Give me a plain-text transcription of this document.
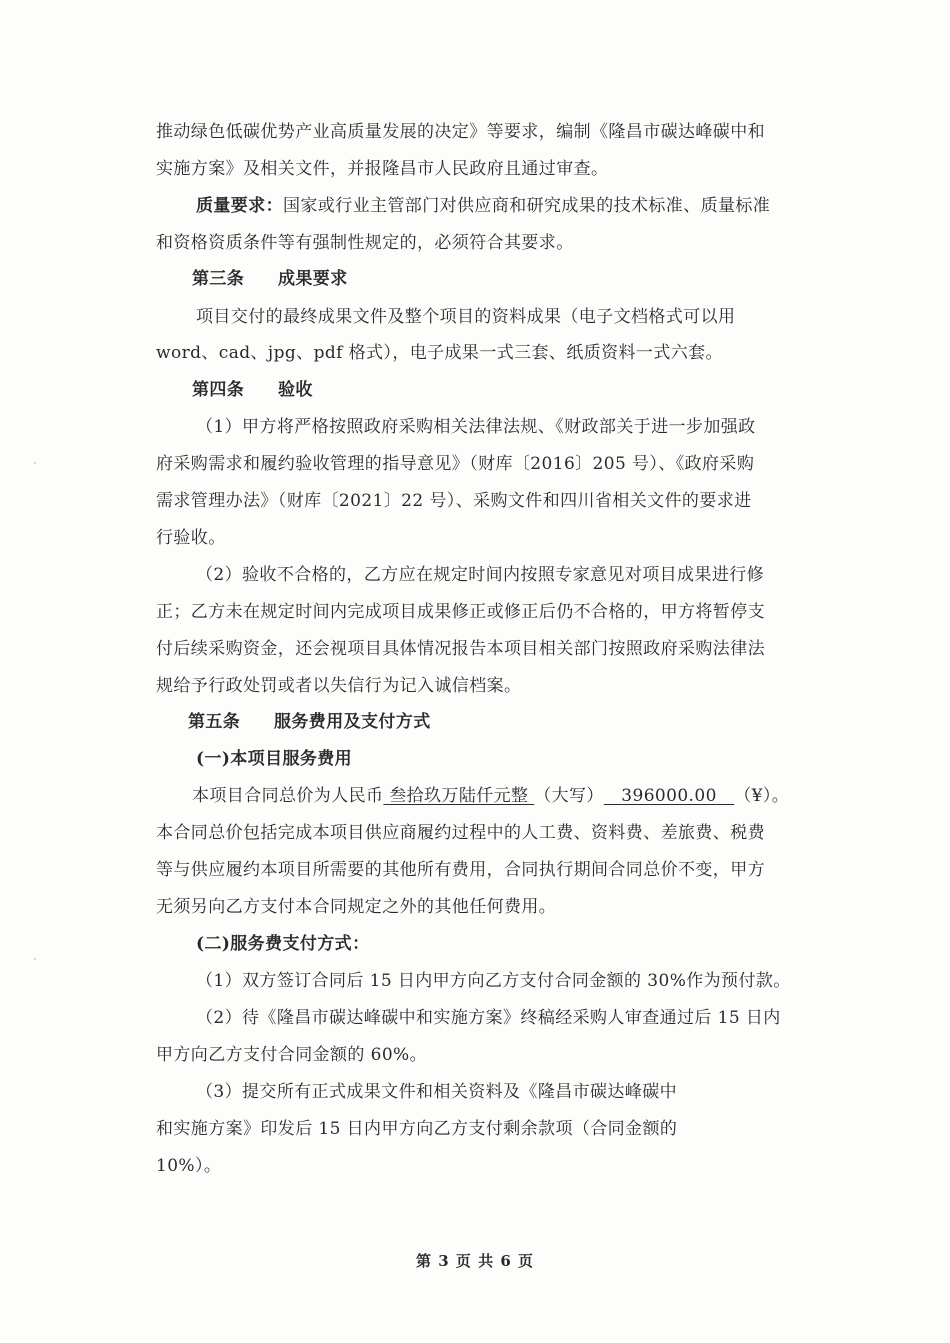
推动绿色低碳优势产业高质量发展的决定》等要求，编制《隆昌市碳达峰碳中和
实施方案》及相关文件，并报隆昌市人民政府且通过审查。
质量要求：国家或行业主管部门对供应商和研究成果的技术标准、质量标准
和资格资质条件等有强制性规定的，必须符合其要求。
第三条 成果要求
项目交付的最终成果文件及整个项目的资料成果（电子文档格式可以用
word、cad、jpg、pdf 格式），电子成果一式三套、纸质资料一式六套。
第四条 验收
（1）甲方将严格按照政府采购相关法律法规、《财政部关于进一步加强政
府采购需求和履约验收管理的指导意见》（财库〔2016〕205 号）、《政府采购
需求管理办法》（财库〔2021〕22 号）、采购文件和四川省相关文件的要求进
行验收。
（2）验收不合格的，乙方应在规定时间内按照专家意见对项目成果进行修
正；乙方未在规定时间内完成项目成果修正或修正后仍不合格的，甲方将暂停支
付后续采购资金，还会视项目具体情况报告本项目相关部门按照政府采购法律法
规给予行政处罚或者以失信行为记入诚信档案。
第五条 服务费用及支付方式
(一)本项目服务费用
本项目合同总价为人民币 叁拾玖万陆仟元整 （大写） 396000.00 （¥）。
本合同总价包括完成本项目供应商履约过程中的人工费、资料费、差旅费、税费
等与供应履约本项目所需要的其他所有费用，合同执行期间合同总价不变，甲方
无须另向乙方支付本合同规定之外的其他任何费用。
(二)服务费支付方式：
（1）双方签订合同后 15 日内甲方向乙方支付合同金额的 30%作为预付款。
（2）待《隆昌市碳达峰碳中和实施方案》终稿经采购人审查通过后 15 日内
甲方向乙方支付合同金额的 60%。
（3）提交所有正式成果文件和相关资料及《隆昌市碳达峰碳中
和实施方案》印发后 15 日内甲方向乙方支付剩余款项（合同金额的
10%）。
第 3 页 共 6 页
